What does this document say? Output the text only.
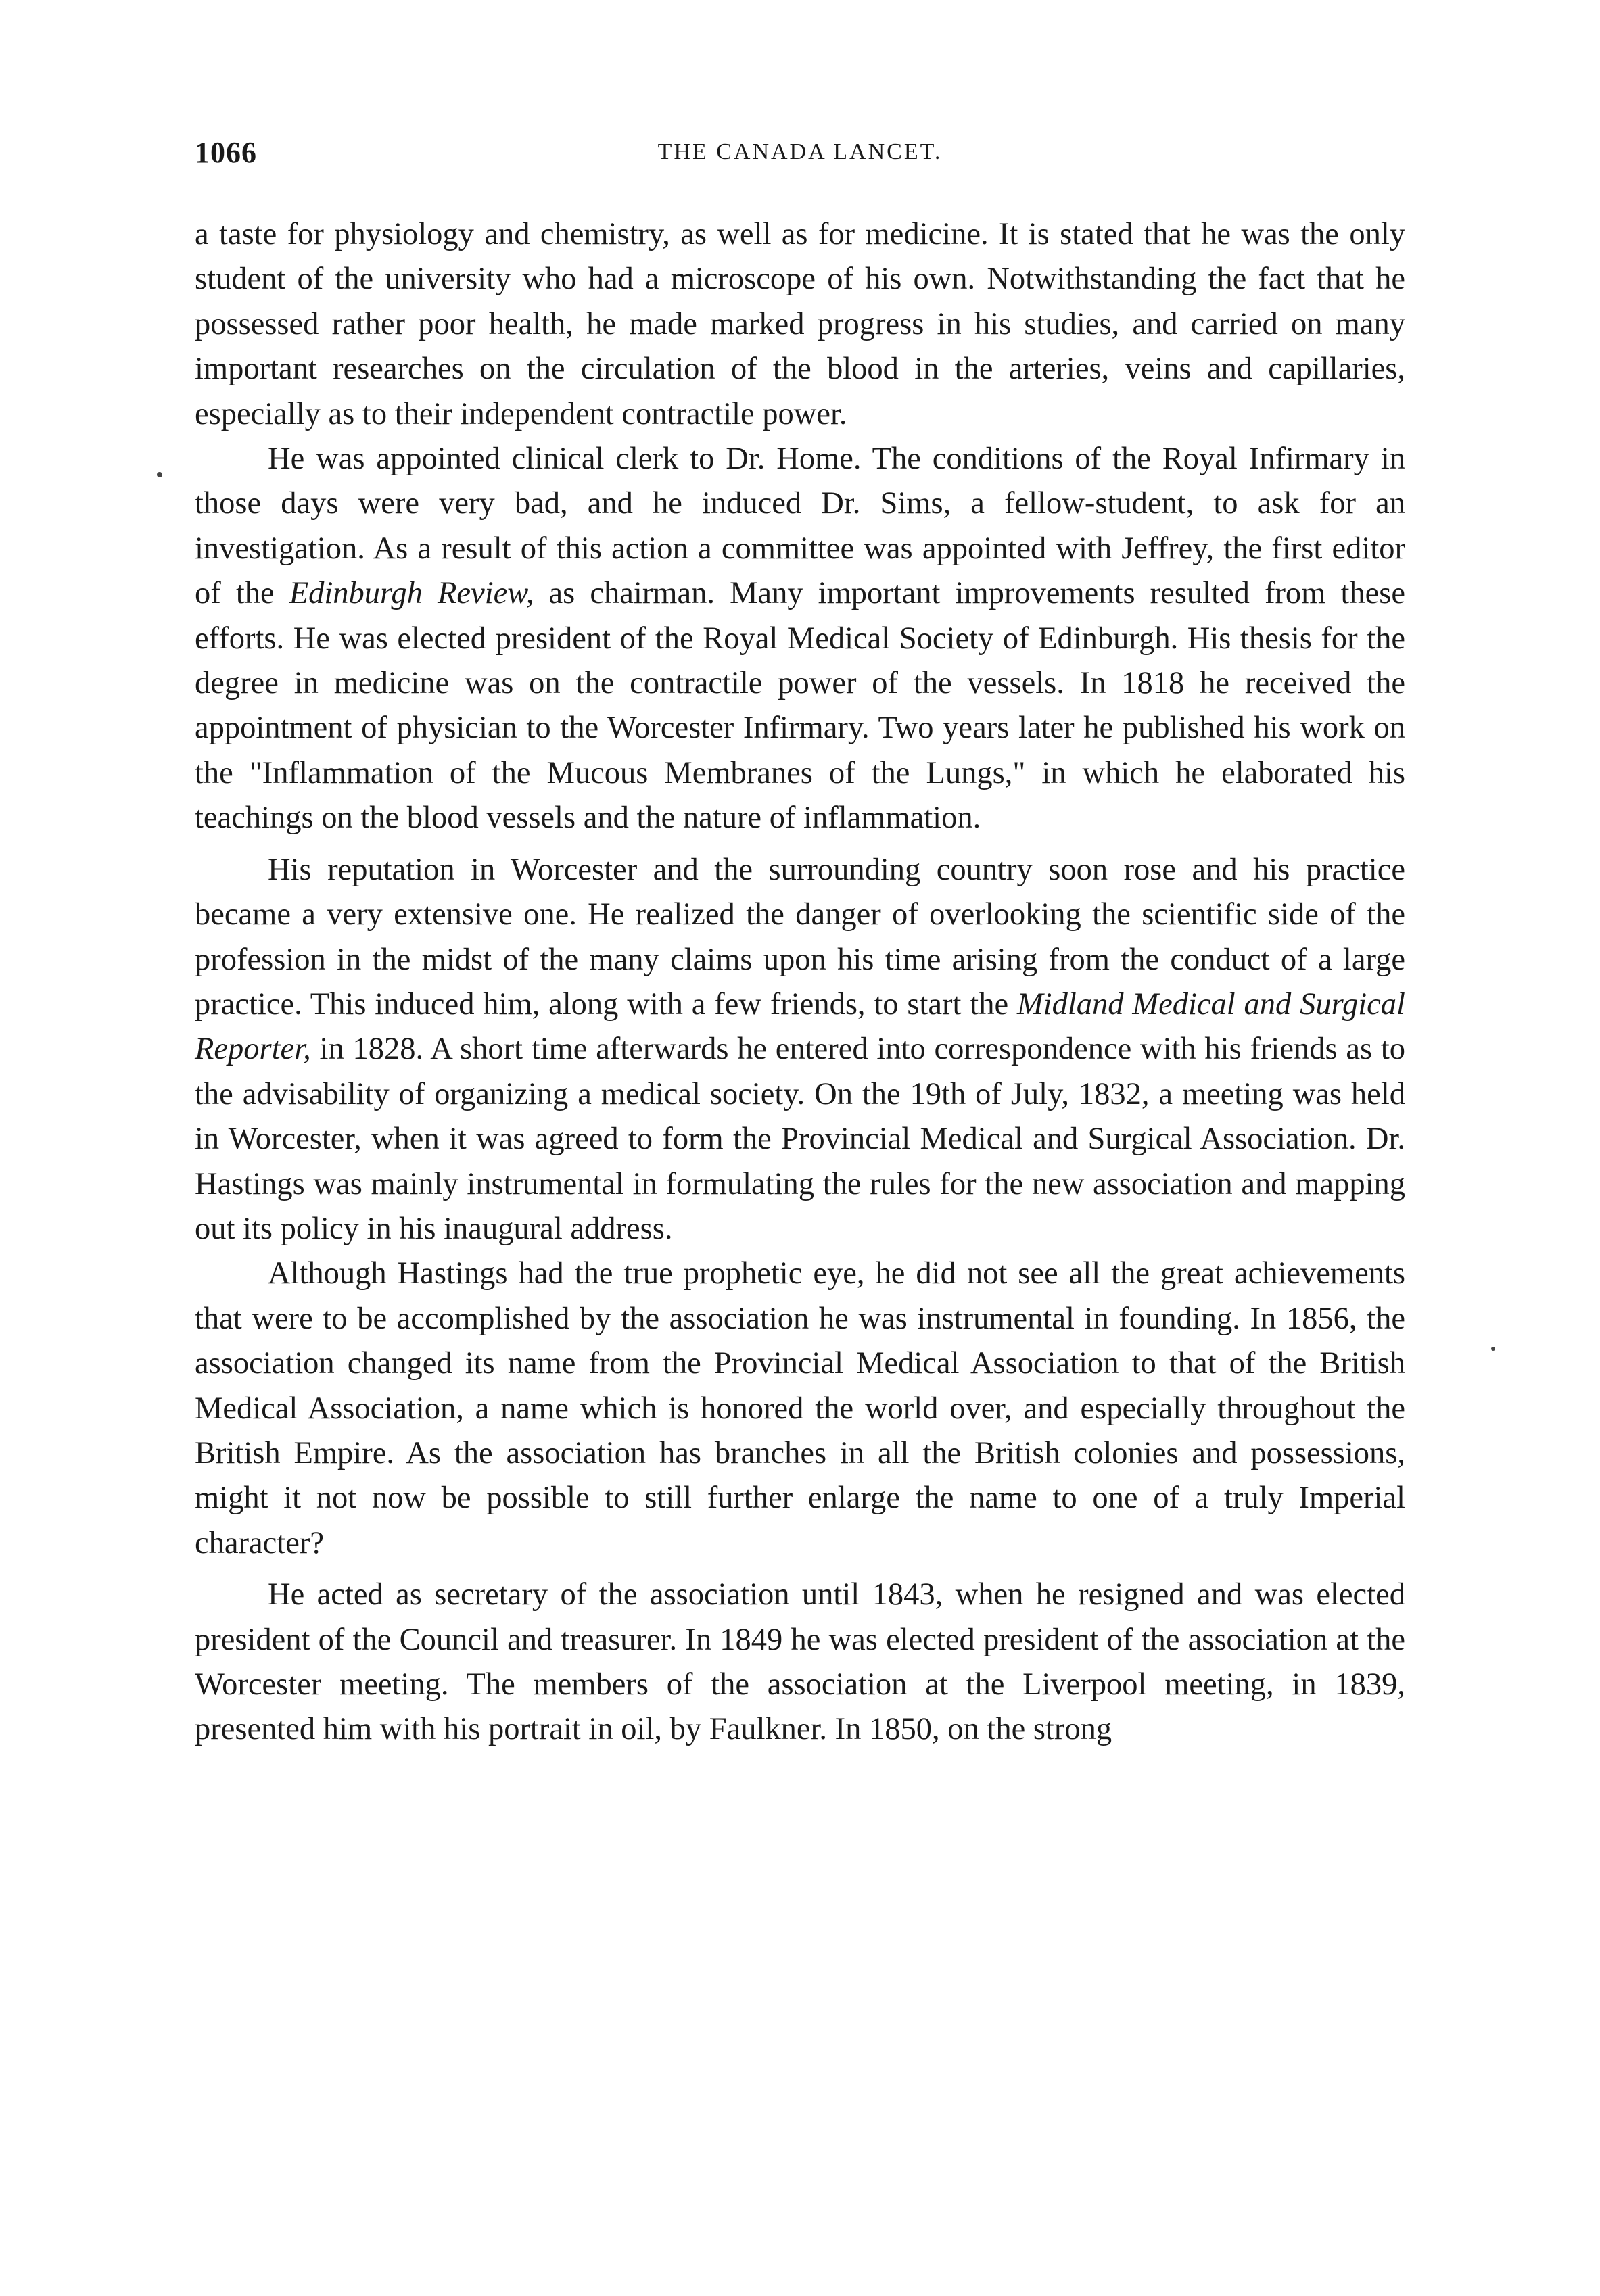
1066	THE CANADA LANCET.

a taste for physiology and chemistry, as well as for medicine. It is stated that he was the only student of the university who had a microscope of his own. Notwithstanding the fact that he possessed rather poor health, he made marked progress in his studies, and carried on many important researches on the circulation of the blood in the arteries, veins and capillaries, especially as to their independent contractile power.

He was appointed clinical clerk to Dr. Home. The conditions of the Royal Infirmary in those days were very bad, and he induced Dr. Sims, a fellow-student, to ask for an investigation. As a result of this action a committee was appointed with Jeffrey, the first editor of the Edinburgh Review, as chairman. Many important improvements resulted from these efforts. He was elected president of the Royal Medical Society of Edinburgh. His thesis for the degree in medicine was on the contractile power of the vessels. In 1818 he received the appointment of physician to the Worcester Infirmary. Two years later he published his work on the "Inflammation of the Mucous Membranes of the Lungs," in which he elaborated his teachings on the blood vessels and the nature of inflammation.

His reputation in Worcester and the surrounding country soon rose and his practice became a very extensive one. He realized the danger of overlooking the scientific side of the profession in the midst of the many claims upon his time arising from the conduct of a large practice. This induced him, along with a few friends, to start the Midland Medical and Surgical Reporter, in 1828. A short time afterwards he entered into correspondence with his friends as to the advisability of organizing a medical society. On the 19th of July, 1832, a meeting was held in Worcester, when it was agreed to form the Provincial Medical and Surgical Association. Dr. Hastings was mainly instrumental in formulating the rules for the new association and mapping out its policy in his inaugural address.

Although Hastings had the true prophetic eye, he did not see all the great achievements that were to be accomplished by the association he was instrumental in founding. In 1856, the association changed its name from the Provincial Medical Association to that of the British Medical Association, a name which is honored the world over, and especially throughout the British Empire. As the association has branches in all the British colonies and possessions, might it not now be possible to still further enlarge the name to one of a truly Imperial character?

He acted as secretary of the association until 1843, when he resigned and was elected president of the Council and treasurer. In 1849 he was elected president of the association at the Worcester meeting. The members of the association at the Liverpool meeting, in 1839, presented him with his portrait in oil, by Faulkner. In 1850, on the strong
